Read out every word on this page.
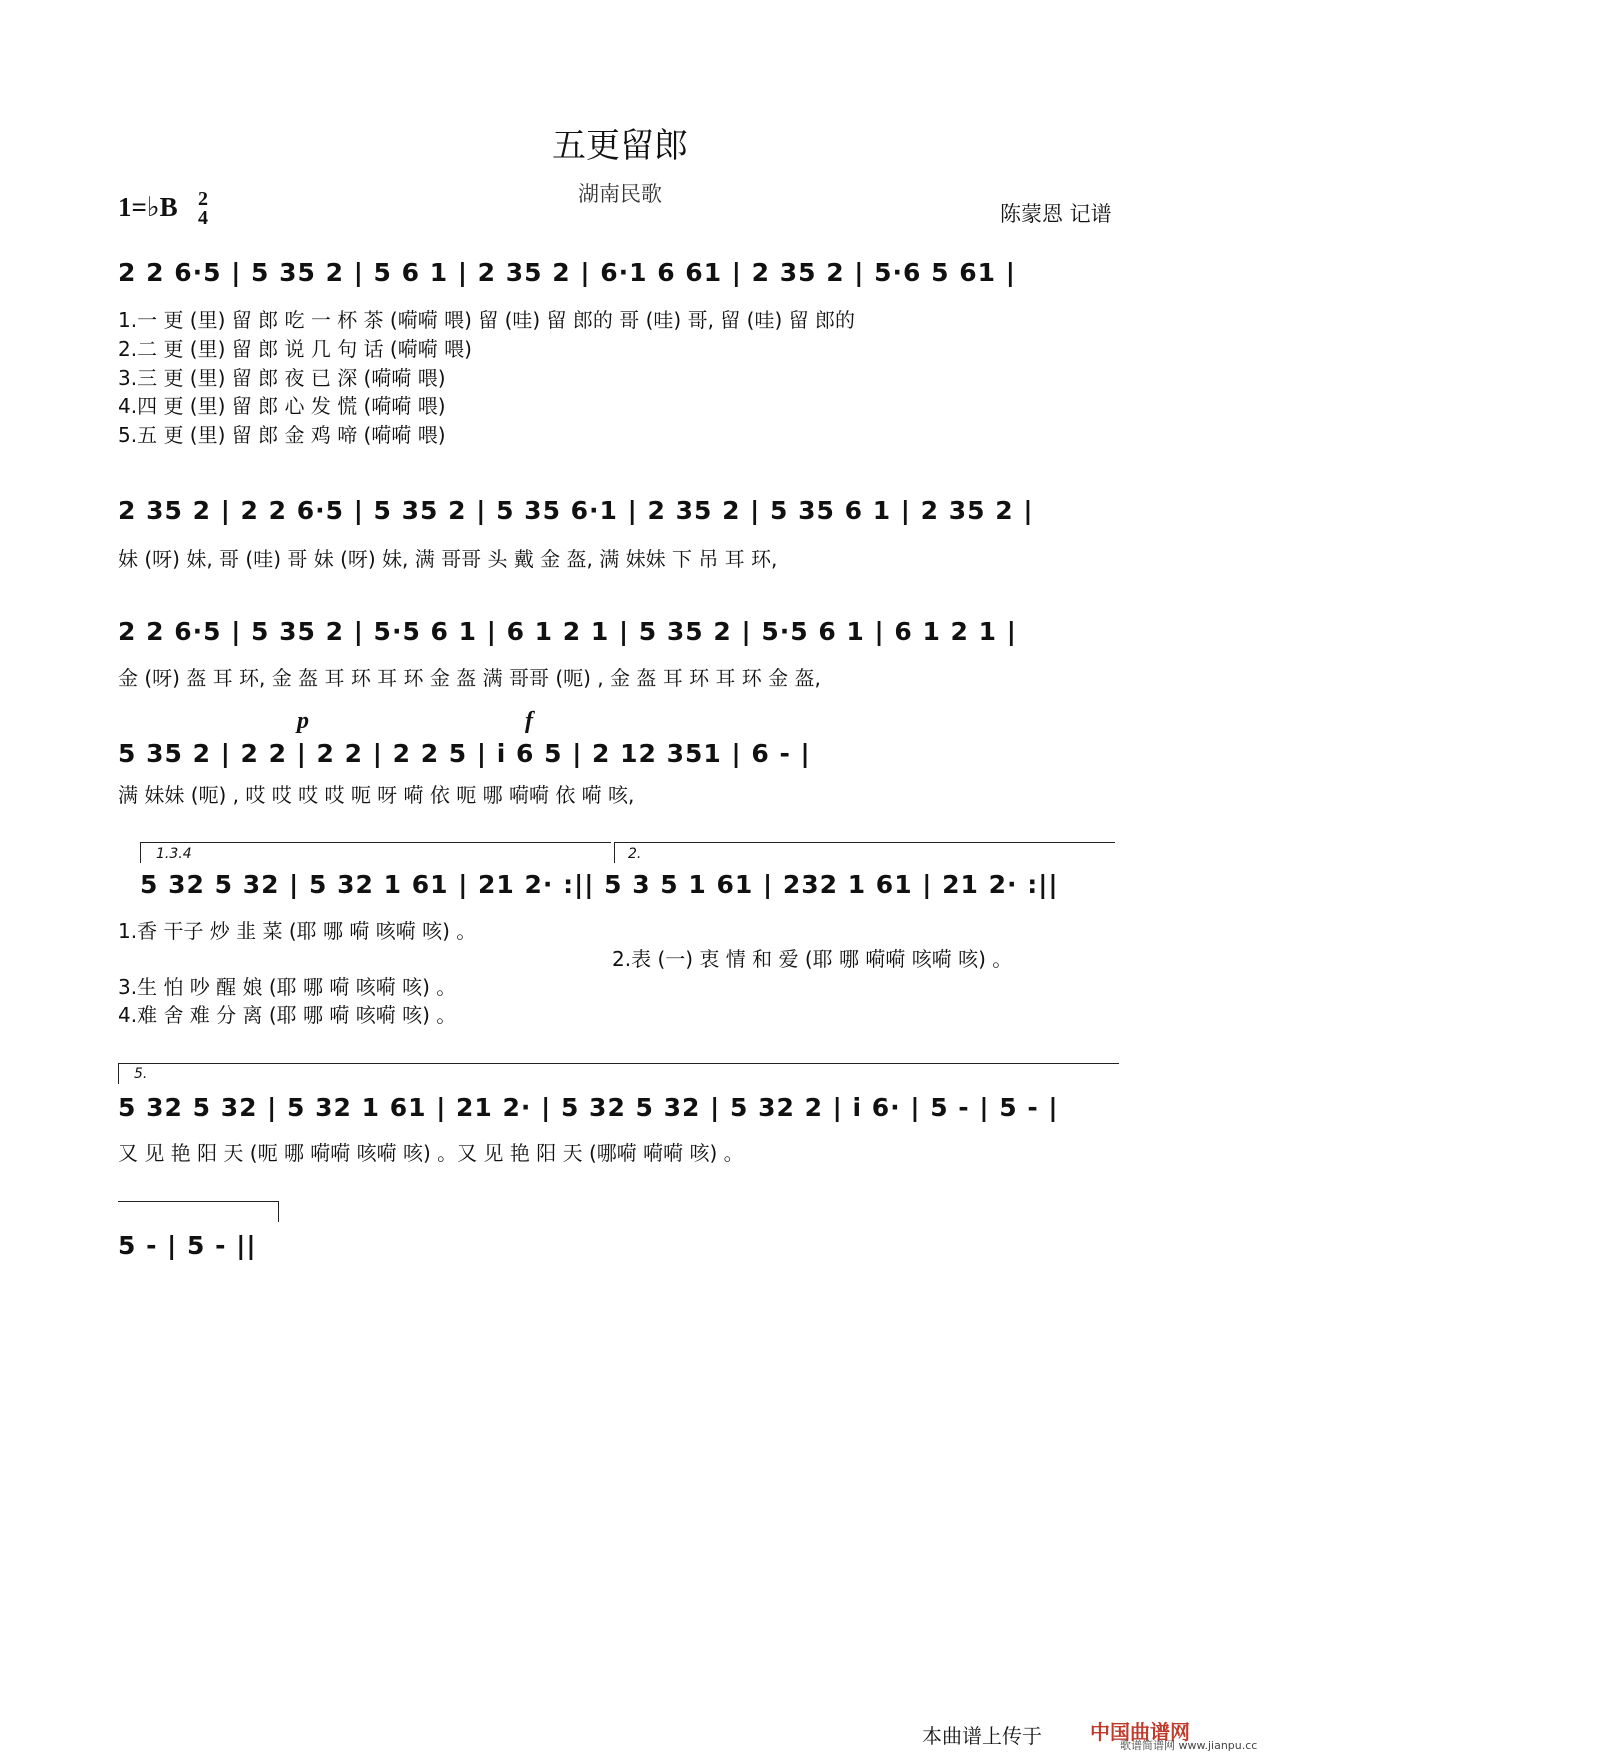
五更留郎
湖南民歌
1=♭B 2
4	陈蒙恩 记谱
2 2 6·5 | 5 35 2 | 5 6 1 | 2 35 2 | 6·1 6 61 | 2 35 2 | 5·6 5 61 |
1.一 更 (里) 留 郎 吃 一 杯 茶 (嗬嗬 喂) 留 (哇) 留 郎的 哥 (哇) 哥, 留 (哇) 留 郎的
2.二 更 (里) 留 郎 说 几 句 话 (嗬嗬 喂)
3.三 更 (里) 留 郎 夜 已 深 (嗬嗬 喂)
4.四 更 (里) 留 郎 心 发 慌 (嗬嗬 喂)
5.五 更 (里) 留 郎 金 鸡 啼 (嗬嗬 喂)
2 35 2 | 2 2 6·5 | 5 35 2 | 5 35 6·1 | 2 35 2 | 5 35 6 1 | 2 35 2 |
妹 (呀) 妹, 哥 (哇) 哥 妹 (呀) 妹, 满 哥哥 头 戴 金 盔, 满 妹妹 下 吊 耳 环,
2 2 6·5 | 5 35 2 | 5·5 6 1 | 6 1 2 1 | 5 35 2 | 5·5 6 1 | 6 1 2 1 |
金 (呀) 盔 耳 环, 金 盔 耳 环 耳 环 金 盔 满 哥哥 (呃) , 金 盔 耳 环 耳 环 金 盔,
p	f
5 35 2 | 2 2 | 2 2 | 2 2 5 | i 6 5 | 2 12 351 | 6 - |
满 妹妹 (呃) , 哎 哎 哎 哎 呃 呀 嗬 依 呃 哪 嗬嗬 依 嗬 咳,
1.3.4	2.
5 32 5 32 | 5 32 1 61 | 21 2· :|| 5 3 5 1 61 | 232 1 61 | 21 2· :||
1.香 干子 炒 韭 菜 (耶 哪 嗬 咳嗬 咳) 。
2.表 (一) 衷 情 和 爱 (耶 哪 嗬嗬 咳嗬 咳) 。
3.生 怕 吵 醒 娘 (耶 哪 嗬 咳嗬 咳) 。
4.难 舍 难 分 离 (耶 哪 嗬 咳嗬 咳) 。
5.
5 32 5 32 | 5 32 1 61 | 21 2· | 5 32 5 32 | 5 32 2 | i 6· | 5 - | 5 - |
又 见 艳 阳 天 (呃 哪 嗬嗬 咳嗬 咳) 。又 见 艳 阳 天 (哪嗬 嗬嗬 咳) 。
5 - | 5 - ||
本曲谱上传于 中国曲谱网
歌谱简谱网 www.jianpu.cc
